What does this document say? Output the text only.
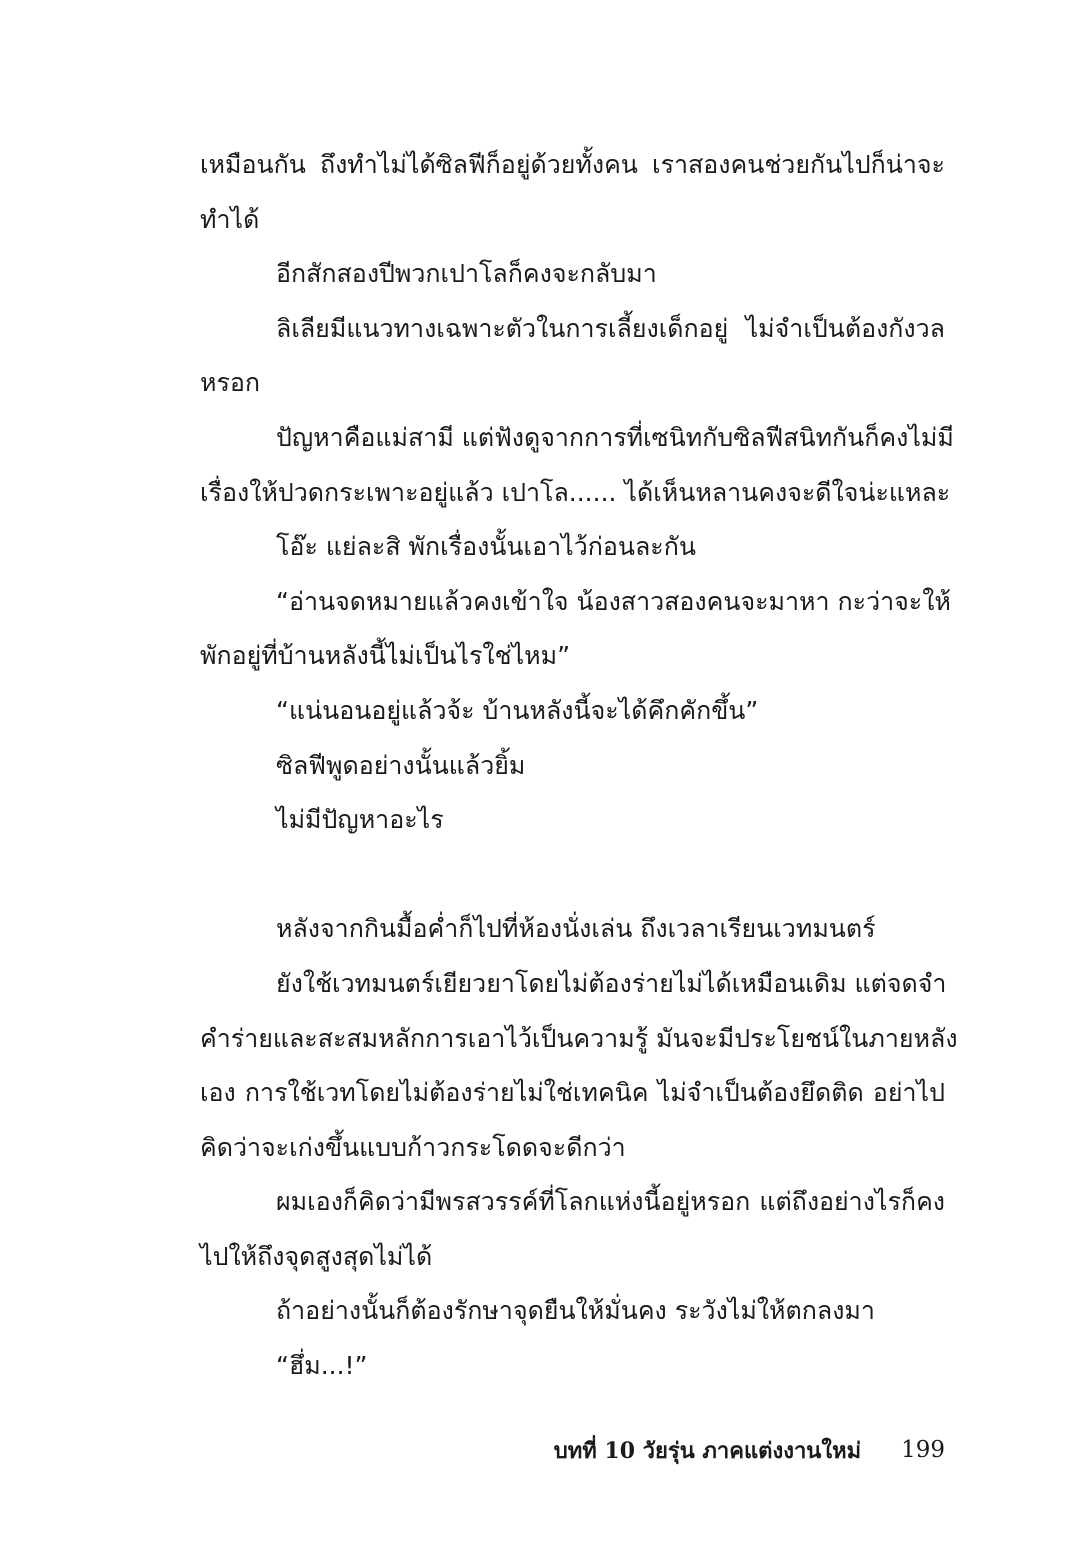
เหมือนกัน ถึงทำไม่ได้ซิลฟีก็อยู่ด้วยทั้งคน เราสองคนช่วยกันไปก็น่าจะ
ทำได้
อีกสักสองปีพวกเปาโลก็คงจะกลับมา
ลิเลียมีแนวทางเฉพาะตัวในการเลี้ยงเด็กอยู่ ไม่จำเป็นต้องกังวล
หรอก
ปัญหาคือแม่สามี แต่ฟังดูจากการที่เซนิทกับซิลฟีสนิทกันก็คงไม่มี
เรื่องให้ปวดกระเพาะอยู่แล้ว เปาโล...... ได้เห็นหลานคงจะดีใจน่ะแหละ
โอ๊ะ แย่ละสิ พักเรื่องนั้นเอาไว้ก่อนละกัน
“อ่านจดหมายแล้วคงเข้าใจ น้องสาวสองคนจะมาหา กะว่าจะให้
พักอยู่ที่บ้านหลังนี้ไม่เป็นไรใช่ไหม”
“แน่นอนอยู่แล้วจ้ะ บ้านหลังนี้จะได้คึกคักขึ้น”
ซิลฟีพูดอย่างนั้นแล้วยิ้ม
ไม่มีปัญหาอะไร
หลังจากกินมื้อค่ำก็ไปที่ห้องนั่งเล่น ถึงเวลาเรียนเวทมนตร์
ยังใช้เวทมนตร์เยียวยาโดยไม่ต้องร่ายไม่ได้เหมือนเดิม แต่จดจำ
คำร่ายและสะสมหลักการเอาไว้เป็นความรู้ มันจะมีประโยชน์ในภายหลัง
เอง การใช้เวทโดยไม่ต้องร่ายไม่ใช่เทคนิค ไม่จำเป็นต้องยึดติด อย่าไป
คิดว่าจะเก่งขึ้นแบบก้าวกระโดดจะดีกว่า
ผมเองก็คิดว่ามีพรสวรรค์ที่โลกแห่งนี้อยู่หรอก แต่ถึงอย่างไรก็คง
ไปให้ถึงจุดสูงสุดไม่ได้
ถ้าอย่างนั้นก็ต้องรักษาจุดยืนให้มั่นคง ระวังไม่ให้ตกลงมา
“ฮึ่ม...!”
บทที่ 10 วัยรุ่น ภาคแต่งงานใหม่ 199
